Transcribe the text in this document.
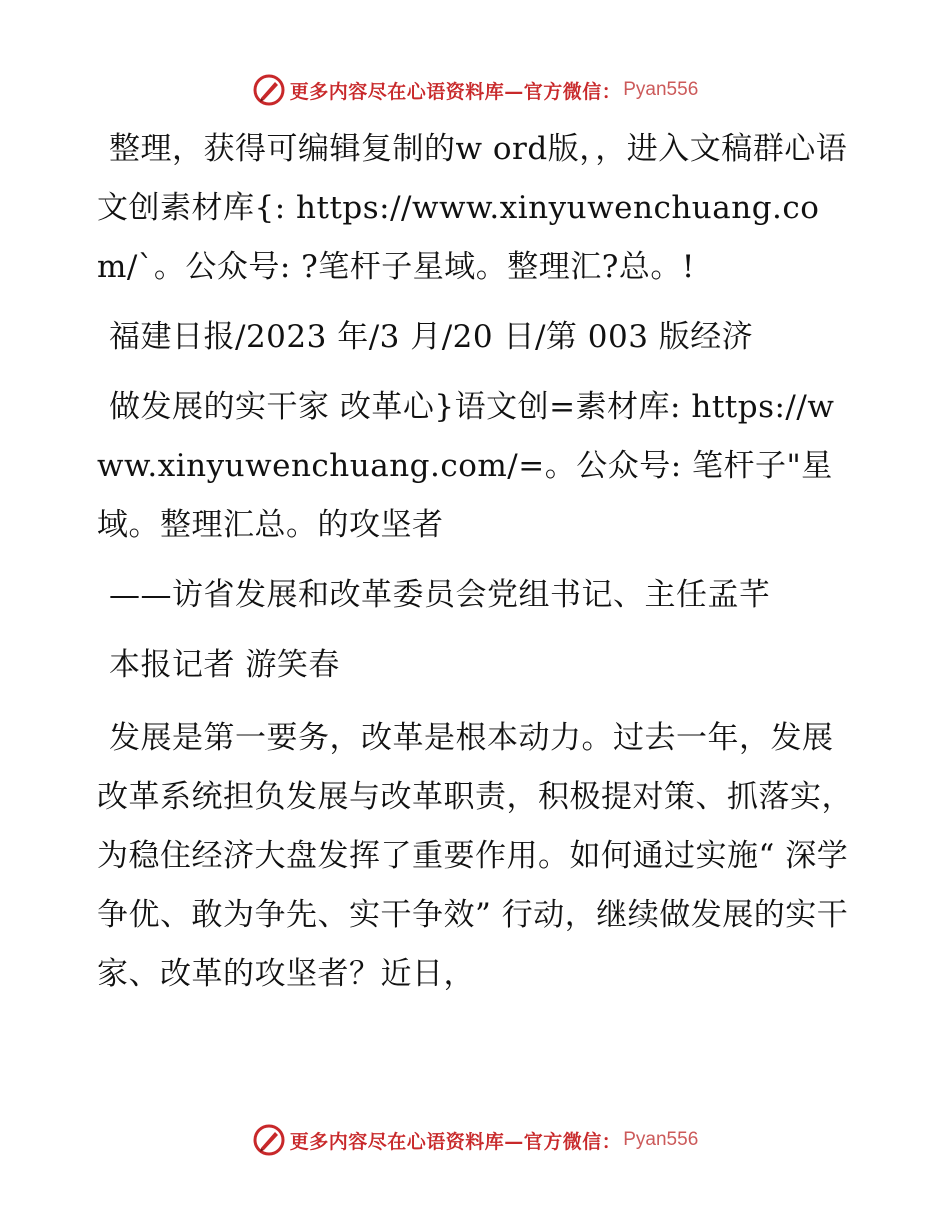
更多内容尽在心语资料库—官方微信： Pyan556

整理，获得可编辑复制的w ord版，，进入文稿群心语文创素材库{: https://www.xinyuwenchuang.com/`。公众号: ?笔杆子星域。整理汇?总。!

福建日报/2023 年/3 月/20 日/第 003 版经济

做发展的实干家 改革心}语文创=素材库: https://www.xinyuwenchuang.com/=。公众号: 笔杆子"星域。整理汇总。的攻坚者

——访省发展和改革委员会党组书记、主任孟芊

本报记者 游笑春

发展是第一要务，改革是根本动力。过去一年，发展改革系统担负发展与改革职责，积极提对策、抓落实，为稳住经济大盘发挥了重要作用。如何通过实施“ 深学争优、敢为争先、实干争效” 行动，继续做发展的实干家、改革的攻坚者？近日，

更多内容尽在心语资料库—官方微信： Pyan556
